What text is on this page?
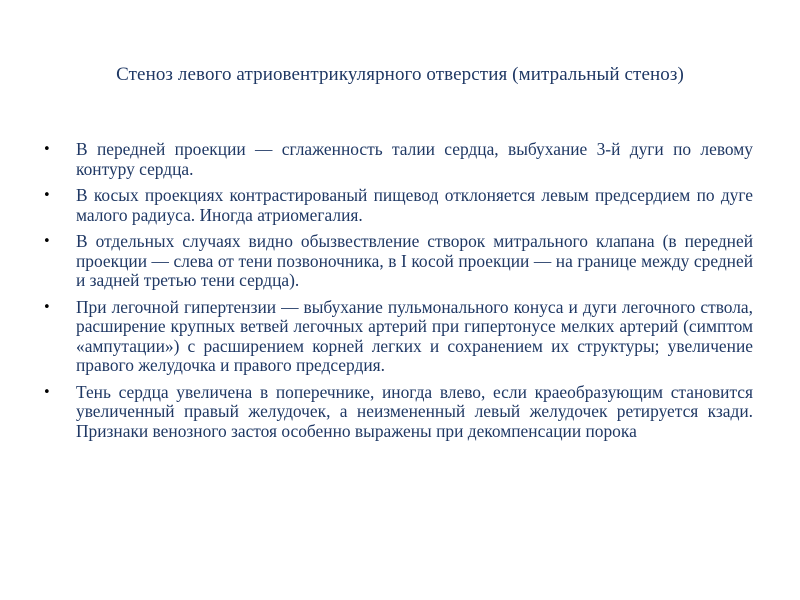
Стеноз левого атриовентрикулярного отверстия (митральный стеноз)
• В передней проекции — сглаженность талии сердца, выбухание 3-й дуги по левому контуру сердца.
• В косых проекциях контрастированый пищевод отклоняется левым предсердием по дуге малого радиуса. Иногда атриомегалия.
• В отдельных случаях видно обызвествление створок митрального клапана (в передней проекции — слева от тени позвоночника, в I косой проекции — на границе между средней и задней третью тени сердца).
• При легочной гипертензии — выбухание пульмонального конуса и дуги легочного ствола, расширение крупных ветвей легочных артерий при гипертонусе мелких артерий (симптом «ампутации») с расширением корней легких и сохранением их структуры; увеличение правого желудочка и правого предсердия.
• Тень сердца увеличена в поперечнике, иногда влево, если краеобразующим становится увеличенный правый желудочек, а неизмененный левый желудочек ретируется кзади. Признаки венозного застоя особенно выражены при декомпенсации порока
